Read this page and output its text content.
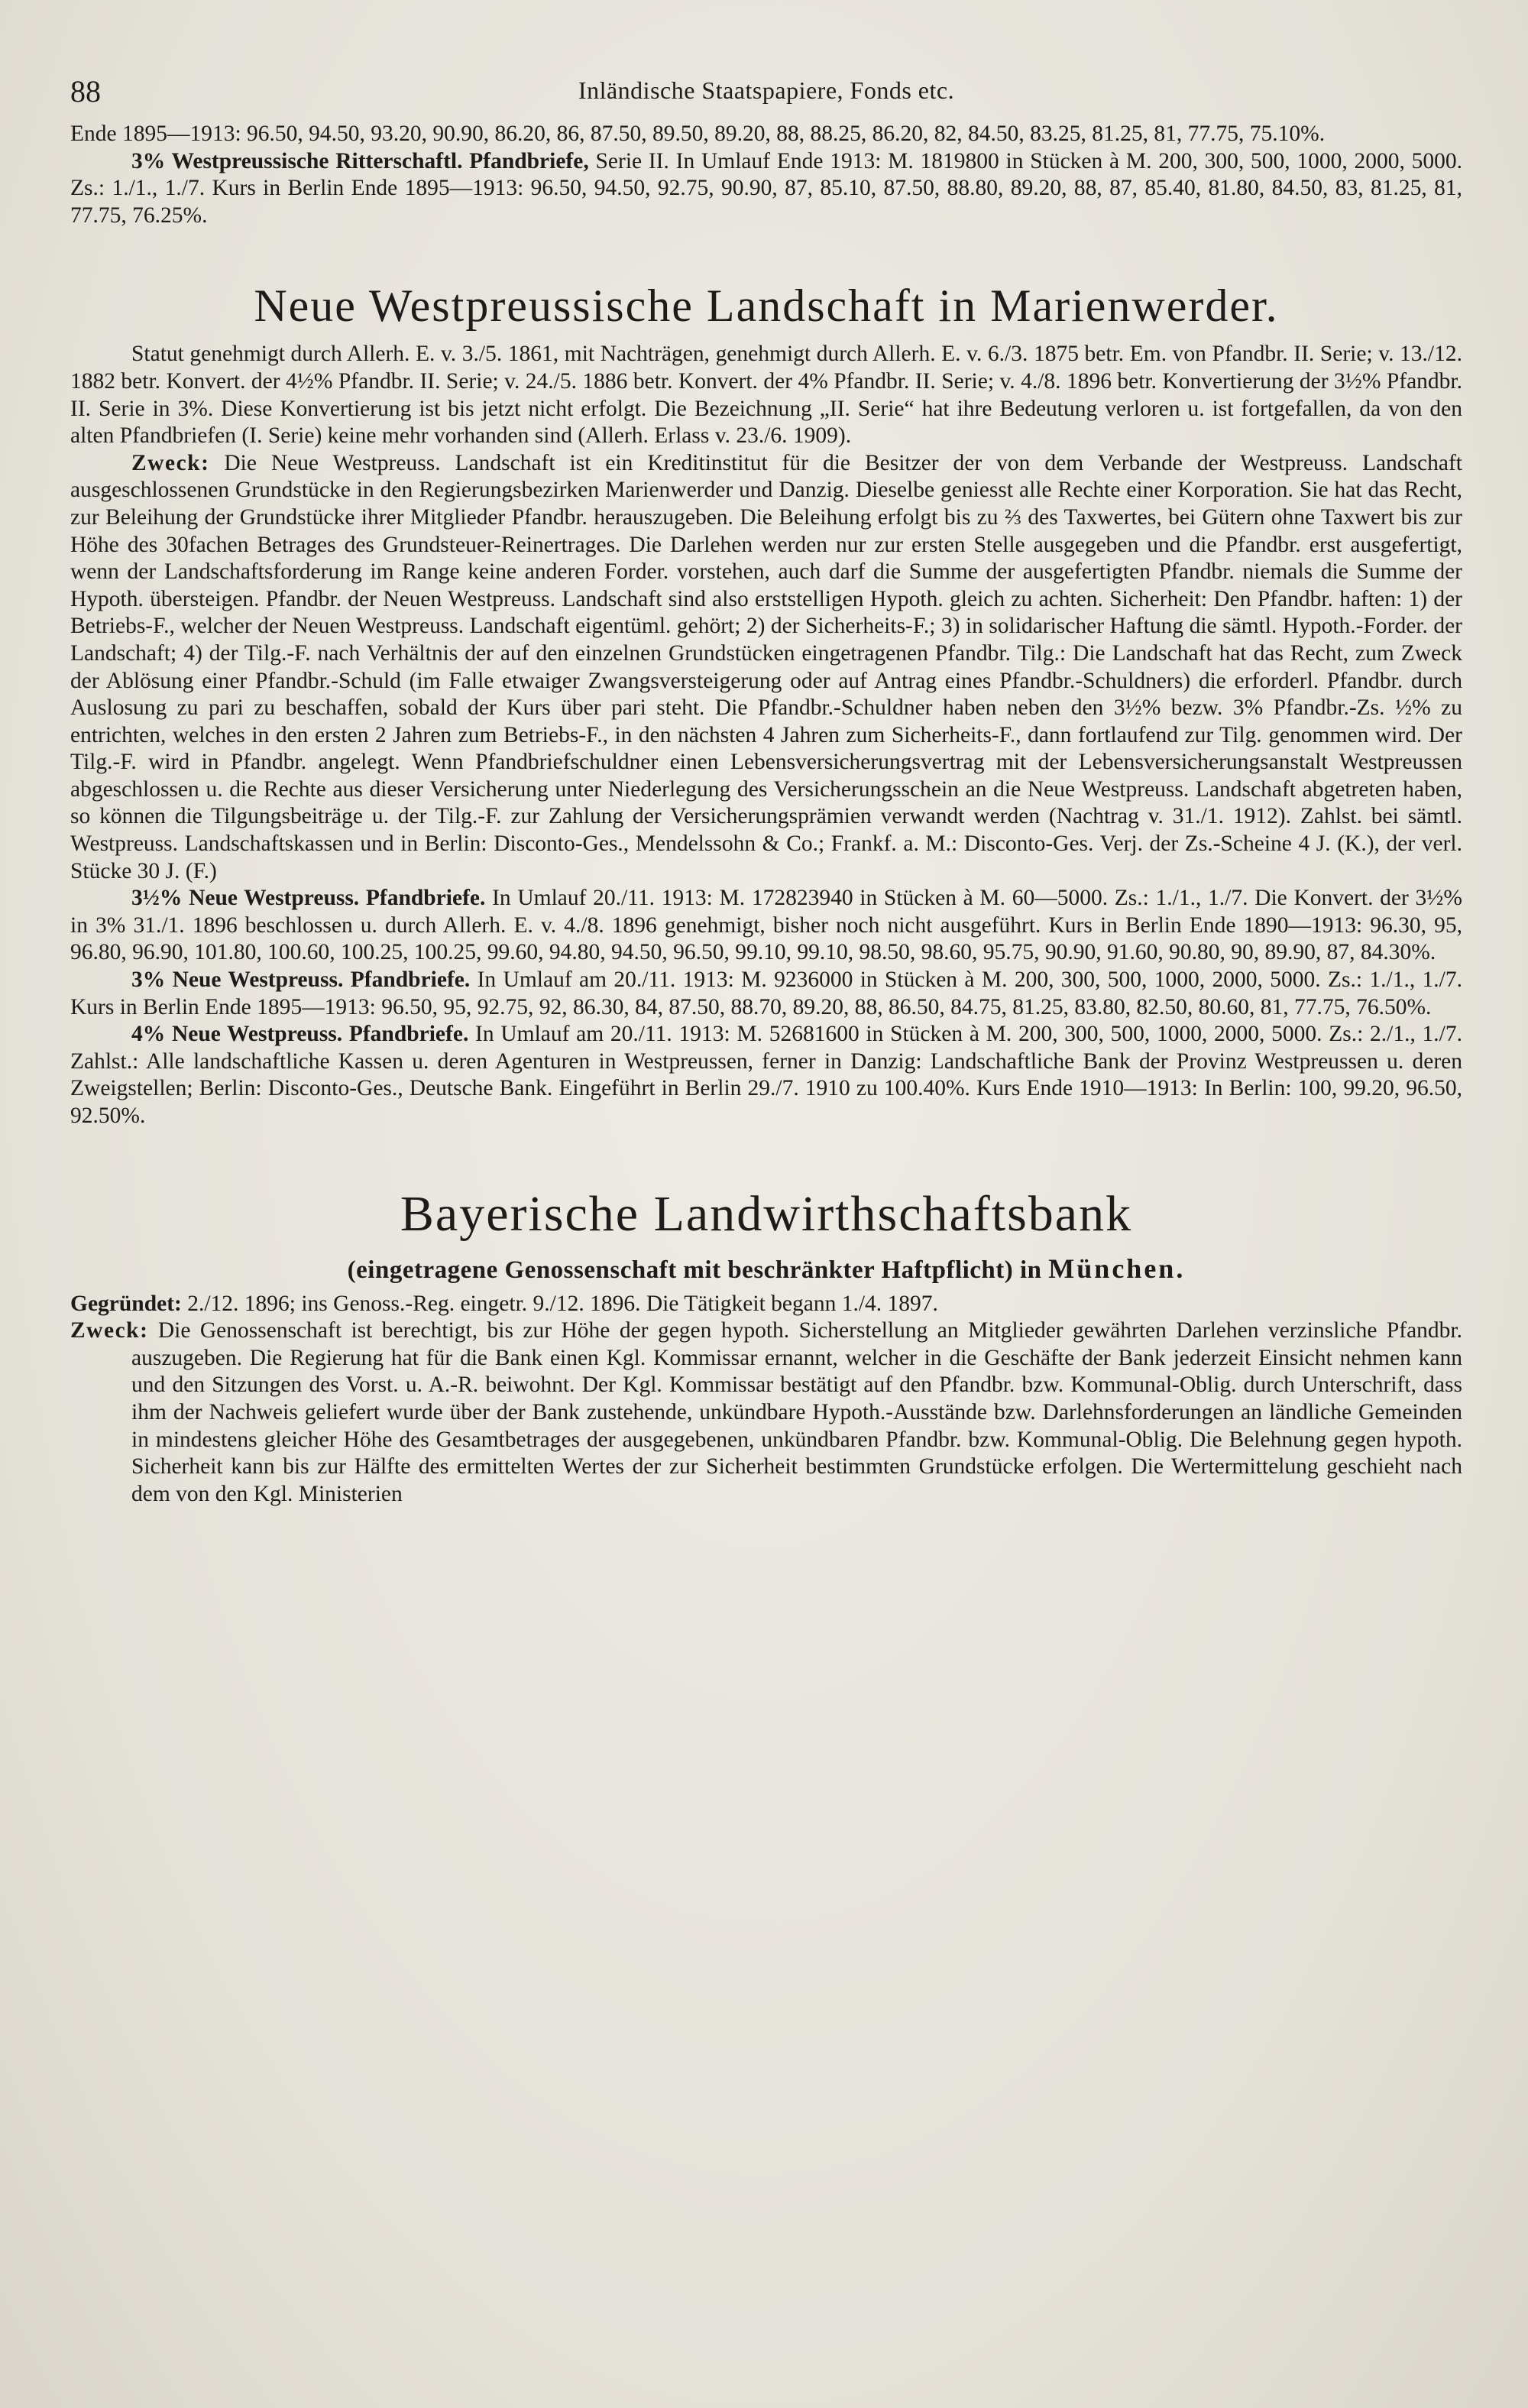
88	Inländische Staatspapiere, Fonds etc.

Ende 1895—1913: 96.50, 94.50, 93.20, 90.90, 86.20, 86, 87.50, 89.50, 89.20, 88, 88.25, 86.20, 82, 84.50, 83.25, 81.25, 81, 77.75, 75.10%.

3% Westpreussische Ritterschaftl. Pfandbriefe, Serie II. In Umlauf Ende 1913: M. 1819800 in Stücken à M. 200, 300, 500, 1000, 2000, 5000. Zs.: 1./1., 1./7. Kurs in Berlin Ende 1895—1913: 96.50, 94.50, 92.75, 90.90, 87, 85.10, 87.50, 88.80, 89.20, 88, 87, 85.40, 81.80, 84.50, 83, 81.25, 81, 77.75, 76.25%.

Neue Westpreussische Landschaft in Marienwerder.

Statut genehmigt durch Allerh. E. v. 3./5. 1861, mit Nachträgen, genehmigt durch Allerh. E. v. 6./3. 1875 betr. Em. von Pfandbr. II. Serie; v. 13./12. 1882 betr. Konvert. der 4½% Pfandbr. II. Serie; v. 24./5. 1886 betr. Konvert. der 4% Pfandbr. II. Serie; v. 4./8. 1896 betr. Konvertierung der 3½% Pfandbr. II. Serie in 3%. Diese Konvertierung ist bis jetzt nicht erfolgt. Die Bezeichnung „II. Serie“ hat ihre Bedeutung verloren u. ist fortgefallen, da von den alten Pfandbriefen (I. Serie) keine mehr vorhanden sind (Allerh. Erlass v. 23./6. 1909).

Zweck: Die Neue Westpreuss. Landschaft ist ein Kreditinstitut für die Besitzer der von dem Verbande der Westpreuss. Landschaft ausgeschlossenen Grundstücke in den Regierungsbezirken Marienwerder und Danzig. Dieselbe geniesst alle Rechte einer Korporation. Sie hat das Recht, zur Beleihung der Grundstücke ihrer Mitglieder Pfandbr. herauszugeben. Die Beleihung erfolgt bis zu ⅔ des Taxwertes, bei Gütern ohne Taxwert bis zur Höhe des 30fachen Betrages des Grundsteuer-Reinertrages. Die Darlehen werden nur zur ersten Stelle ausgegeben und die Pfandbr. erst ausgefertigt, wenn der Landschaftsforderung im Range keine anderen Forder. vorstehen, auch darf die Summe der ausgefertigten Pfandbr. niemals die Summe der Hypoth. übersteigen. Pfandbr. der Neuen Westpreuss. Landschaft sind also erststelligen Hypoth. gleich zu achten. Sicherheit: Den Pfandbr. haften: 1) der Betriebs-F., welcher der Neuen Westpreuss. Landschaft eigentüml. gehört; 2) der Sicherheits-F.; 3) in solidarischer Haftung die sämtl. Hypoth.-Forder. der Landschaft; 4) der Tilg.-F. nach Verhältnis der auf den einzelnen Grundstücken eingetragenen Pfandbr. Tilg.: Die Landschaft hat das Recht, zum Zweck der Ablösung einer Pfandbr.-Schuld (im Falle etwaiger Zwangsversteigerung oder auf Antrag eines Pfandbr.-Schuldners) die erforderl. Pfandbr. durch Auslosung zu pari zu beschaffen, sobald der Kurs über pari steht. Die Pfandbr.-Schuldner haben neben den 3½% bezw. 3% Pfandbr.-Zs. ½% zu entrichten, welches in den ersten 2 Jahren zum Betriebs-F., in den nächsten 4 Jahren zum Sicherheits-F., dann fortlaufend zur Tilg. genommen wird. Der Tilg.-F. wird in Pfandbr. angelegt. Wenn Pfandbriefschuldner einen Lebensversicherungsvertrag mit der Lebensversicherungsanstalt Westpreussen abgeschlossen u. die Rechte aus dieser Versicherung unter Niederlegung des Versicherungsschein an die Neue Westpreuss. Landschaft abgetreten haben, so können die Tilgungsbeiträge u. der Tilg.-F. zur Zahlung der Versicherungsprämien verwandt werden (Nachtrag v. 31./1. 1912). Zahlst. bei sämtl. Westpreuss. Landschaftskassen und in Berlin: Disconto-Ges., Mendelssohn & Co.; Frankf. a. M.: Disconto-Ges. Verj. der Zs.-Scheine 4 J. (K.), der verl. Stücke 30 J. (F.)

3½% Neue Westpreuss. Pfandbriefe. In Umlauf 20./11. 1913: M. 172823940 in Stücken à M. 60—5000. Zs.: 1./1., 1./7. Die Konvert. der 3½% in 3% 31./1. 1896 beschlossen u. durch Allerh. E. v. 4./8. 1896 genehmigt, bisher noch nicht ausgeführt. Kurs in Berlin Ende 1890—1913: 96.30, 95, 96.80, 96.90, 101.80, 100.60, 100.25, 100.25, 99.60, 94.80, 94.50, 96.50, 99.10, 99.10, 98.50, 98.60, 95.75, 90.90, 91.60, 90.80, 90, 89.90, 87, 84.30%.

3% Neue Westpreuss. Pfandbriefe. In Umlauf am 20./11. 1913: M. 9236000 in Stücken à M. 200, 300, 500, 1000, 2000, 5000. Zs.: 1./1., 1./7. Kurs in Berlin Ende 1895—1913: 96.50, 95, 92.75, 92, 86.30, 84, 87.50, 88.70, 89.20, 88, 86.50, 84.75, 81.25, 83.80, 82.50, 80.60, 81, 77.75, 76.50%.

4% Neue Westpreuss. Pfandbriefe. In Umlauf am 20./11. 1913: M. 52681600 in Stücken à M. 200, 300, 500, 1000, 2000, 5000. Zs.: 2./1., 1./7. Zahlst.: Alle landschaftliche Kassen u. deren Agenturen in Westpreussen, ferner in Danzig: Landschaftliche Bank der Provinz Westpreussen u. deren Zweigstellen; Berlin: Disconto-Ges., Deutsche Bank. Eingeführt in Berlin 29./7. 1910 zu 100.40%. Kurs Ende 1910—1913: In Berlin: 100, 99.20, 96.50, 92.50%.

Bayerische Landwirthschaftsbank
(eingetragene Genossenschaft mit beschränkter Haftpflicht) in München.

Gegründet: 2./12. 1896; ins Genoss.-Reg. eingetr. 9./12. 1896. Die Tätigkeit begann 1./4. 1897.

Zweck: Die Genossenschaft ist berechtigt, bis zur Höhe der gegen hypoth. Sicherstellung an Mitglieder gewährten Darlehen verzinsliche Pfandbr. auszugeben. Die Regierung hat für die Bank einen Kgl. Kommissar ernannt, welcher in die Geschäfte der Bank jederzeit Einsicht nehmen kann und den Sitzungen des Vorst. u. A.-R. beiwohnt. Der Kgl. Kommissar bestätigt auf den Pfandbr. bzw. Kommunal-Oblig. durch Unterschrift, dass ihm der Nachweis geliefert wurde über der Bank zustehende, unkündbare Hypoth.-Ausstände bzw. Darlehnsforderungen an ländliche Gemeinden in mindestens gleicher Höhe des Gesamtbetrages der ausgegebenen, unkündbaren Pfandbr. bzw. Kommunal-Oblig. Die Belehnung gegen hypoth. Sicherheit kann bis zur Hälfte des ermittelten Wertes der zur Sicherheit bestimmten Grundstücke erfolgen. Die Wertermittelung geschieht nach dem von den Kgl. Ministerien
